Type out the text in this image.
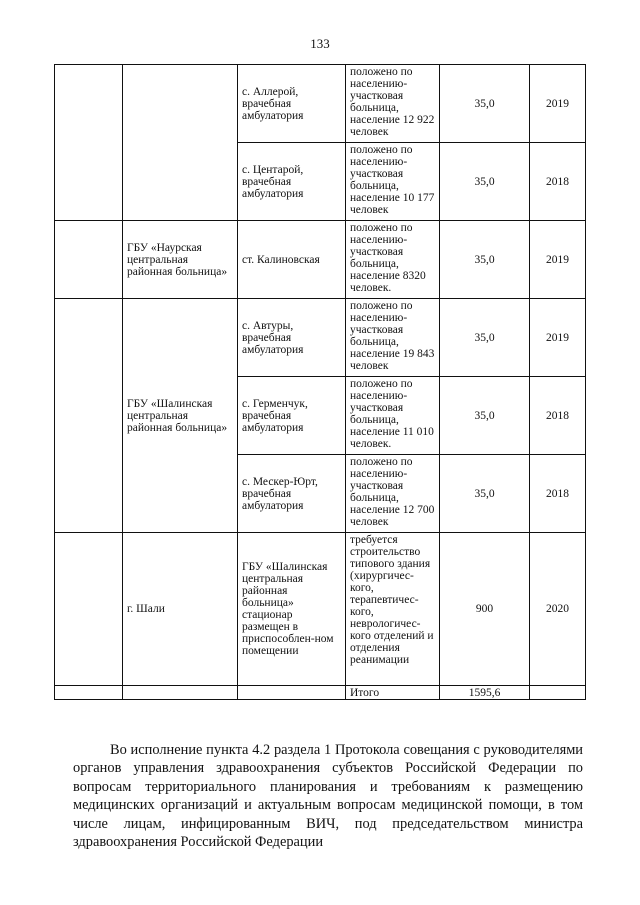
133
		с. Аллерой, врачебная амбулатория	положено по населению-участковая больница, население 12 922 человек	35,0	2019
		с. Центарой, врачебная амбулатория	положено по населению-участковая больница, население 10 177 человек	35,0	2018
	ГБУ «Наурская центральная районная больница»	ст. Калиновская	положено по населению-участковая больница, население 8320 человек.	35,0	2019
	ГБУ «Шалинская центральная районная больница»	с. Автуры, врачебная амбулатория	положено по населению-участковая больница, население 19 843 человек	35,0	2019
		с. Герменчук, врачебная амбулатория	положено по населению-участковая больница, население 11 010 человек.	35,0	2018
		с. Мескер-Юрт, врачебная амбулатория	положено по населению-участковая больница, население 12 700 человек	35,0	2018
	г. Шали	ГБУ «Шалинская центральная районная больница» стационар размещен в приспособлен-ном помещении	требуется строительство типового здания (хирургичес-кого, терапевтичес-кого, неврологичес-кого отделений и отделения реанимации	900	2020
			Итого	1595,6	
Во исполнение пункта 4.2 раздела 1 Протокола совещания с руководителями органов управления здравоохранения субъектов Российской Федерации по вопросам территориального планирования и требованиям к размещению медицинских организаций и актуальным вопросам медицинской помощи, в том числе лицам, инфицированным ВИЧ, под председательством министра здравоохранения Российской Федерации
